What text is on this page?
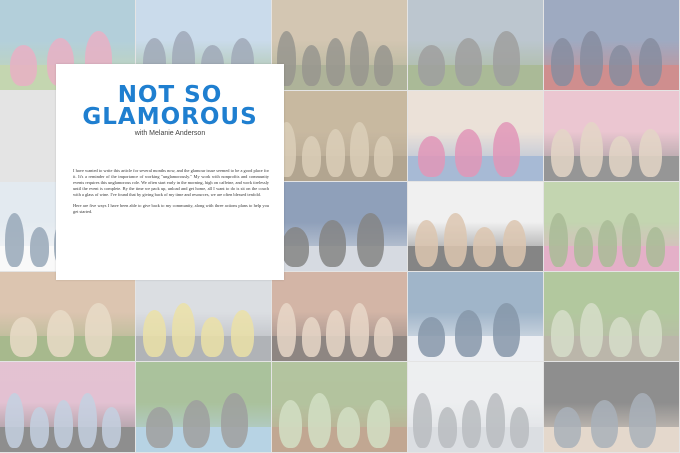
NOT SO
GLAMOROUS
with Melanie Anderson

I have wanted to write this article for several months now, and the glamour issue seemed to be a good place for it. It's a reminder of the importance of working "unglamorously." My work with nonprofits and community events requires this unglamorous role. We often start early in the morning, high on caffeine, and work tirelessly until the event is complete. By the time we pack up, unload and get home, all I want to do is sit on the couch with a glass of wine. I've found that by giving back of my time and resources, we are often blessed tenfold.

Here are five ways I have been able to give back to my community, along with three actions plans to help you get started.
